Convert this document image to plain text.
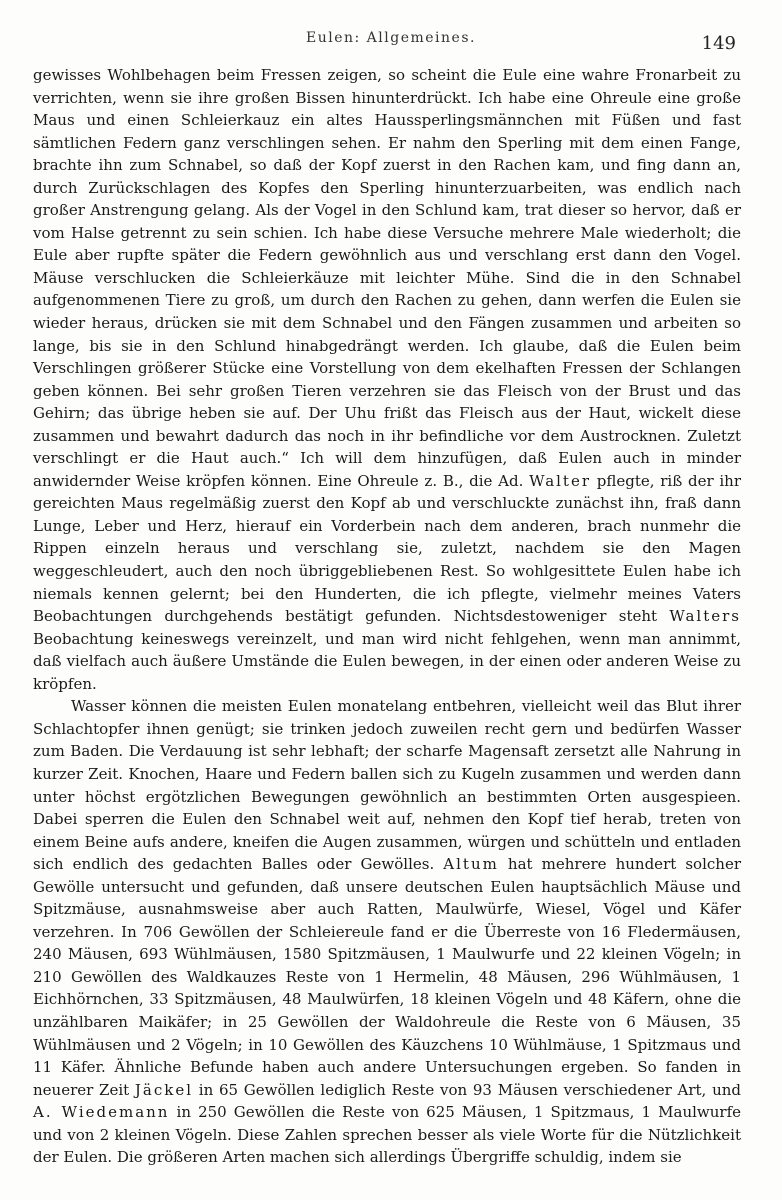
Eulen: Allgemeines.	149

gewisses Wohlbehagen beim Fressen zeigen, so scheint die Eule eine wahre Fronarbeit zu verrichten, wenn sie ihre großen Bissen hinunterdrückt. Ich habe eine Ohreule eine große Maus und einen Schleierkauz ein altes Haussperlingsmännchen mit Füßen und fast sämtlichen Federn ganz verschlingen sehen. Er nahm den Sperling mit dem einen Fange, brachte ihn zum Schnabel, so daß der Kopf zuerst in den Rachen kam, und fing dann an, durch Zurückschlagen des Kopfes den Sperling hinunterzuarbeiten, was endlich nach großer Anstrengung gelang. Als der Vogel in den Schlund kam, trat dieser so hervor, daß er vom Halse getrennt zu sein schien. Ich habe diese Versuche mehrere Male wiederholt; die Eule aber rupfte später die Federn gewöhnlich aus und verschlang erst dann den Vogel. Mäuse verschlucken die Schleierkäuze mit leichter Mühe. Sind die in den Schnabel aufgenommenen Tiere zu groß, um durch den Rachen zu gehen, dann werfen die Eulen sie wieder heraus, drücken sie mit dem Schnabel und den Fängen zusammen und arbeiten so lange, bis sie in den Schlund hinabgedrängt werden. Ich glaube, daß die Eulen beim Verschlingen größerer Stücke eine Vorstellung von dem ekelhaften Fressen der Schlangen geben können. Bei sehr großen Tieren verzehren sie das Fleisch von der Brust und das Gehirn; das übrige heben sie auf. Der Uhu frißt das Fleisch aus der Haut, wickelt diese zusammen und bewahrt dadurch das noch in ihr befindliche vor dem Austrocknen. Zuletzt verschlingt er die Haut auch.“ Ich will dem hinzufügen, daß Eulen auch in minder anwidernder Weise kröpfen können. Eine Ohreule z. B., die Ad. Walter pflegte, riß der ihr gereichten Maus regelmäßig zuerst den Kopf ab und verschluckte zunächst ihn, fraß dann Lunge, Leber und Herz, hierauf ein Vorderbein nach dem anderen, brach nunmehr die Rippen einzeln heraus und verschlang sie, zuletzt, nachdem sie den Magen weggeschleudert, auch den noch übriggebliebenen Rest. So wohlgesittete Eulen habe ich niemals kennen gelernt; bei den Hunderten, die ich pflegte, vielmehr meines Vaters Beobachtungen durchgehends bestätigt gefunden. Nichtsdestoweniger steht Walters Beobachtung keineswegs vereinzelt, und man wird nicht fehlgehen, wenn man annimmt, daß vielfach auch äußere Umstände die Eulen bewegen, in der einen oder anderen Weise zu kröpfen.

Wasser können die meisten Eulen monatelang entbehren, vielleicht weil das Blut ihrer Schlachtopfer ihnen genügt; sie trinken jedoch zuweilen recht gern und bedürfen Wasser zum Baden. Die Verdauung ist sehr lebhaft; der scharfe Magensaft zersetzt alle Nahrung in kurzer Zeit. Knochen, Haare und Federn ballen sich zu Kugeln zusammen und werden dann unter höchst ergötzlichen Bewegungen gewöhnlich an bestimmten Orten ausgespieen. Dabei sperren die Eulen den Schnabel weit auf, nehmen den Kopf tief herab, treten von einem Beine aufs andere, kneifen die Augen zusammen, würgen und schütteln und entladen sich endlich des gedachten Balles oder Gewölles. Altum hat mehrere hundert solcher Gewölle untersucht und gefunden, daß unsere deutschen Eulen hauptsächlich Mäuse und Spitzmäuse, ausnahmsweise aber auch Ratten, Maulwürfe, Wiesel, Vögel und Käfer verzehren. In 706 Gewöllen der Schleiereule fand er die Überreste von 16 Fledermäusen, 240 Mäusen, 693 Wühlmäusen, 1580 Spitzmäusen, 1 Maulwurfe und 22 kleinen Vögeln; in 210 Gewöllen des Waldkauzes Reste von 1 Hermelin, 48 Mäusen, 296 Wühlmäusen, 1 Eichhörnchen, 33 Spitzmäusen, 48 Maulwürfen, 18 kleinen Vögeln und 48 Käfern, ohne die unzählbaren Maikäfer; in 25 Gewöllen der Waldohreule die Reste von 6 Mäusen, 35 Wühlmäusen und 2 Vögeln; in 10 Gewöllen des Käuzchens 10 Wühlmäuse, 1 Spitzmaus und 11 Käfer. Ähnliche Befunde haben auch andere Untersuchungen ergeben. So fanden in neuerer Zeit Jäckel in 65 Gewöllen lediglich Reste von 93 Mäusen verschiedener Art, und A. Wiedemann in 250 Gewöllen die Reste von 625 Mäusen, 1 Spitzmaus, 1 Maulwurfe und von 2 kleinen Vögeln. Diese Zahlen sprechen besser als viele Worte für die Nützlichkeit der Eulen. Die größeren Arten machen sich allerdings Übergriffe schuldig, indem sie
